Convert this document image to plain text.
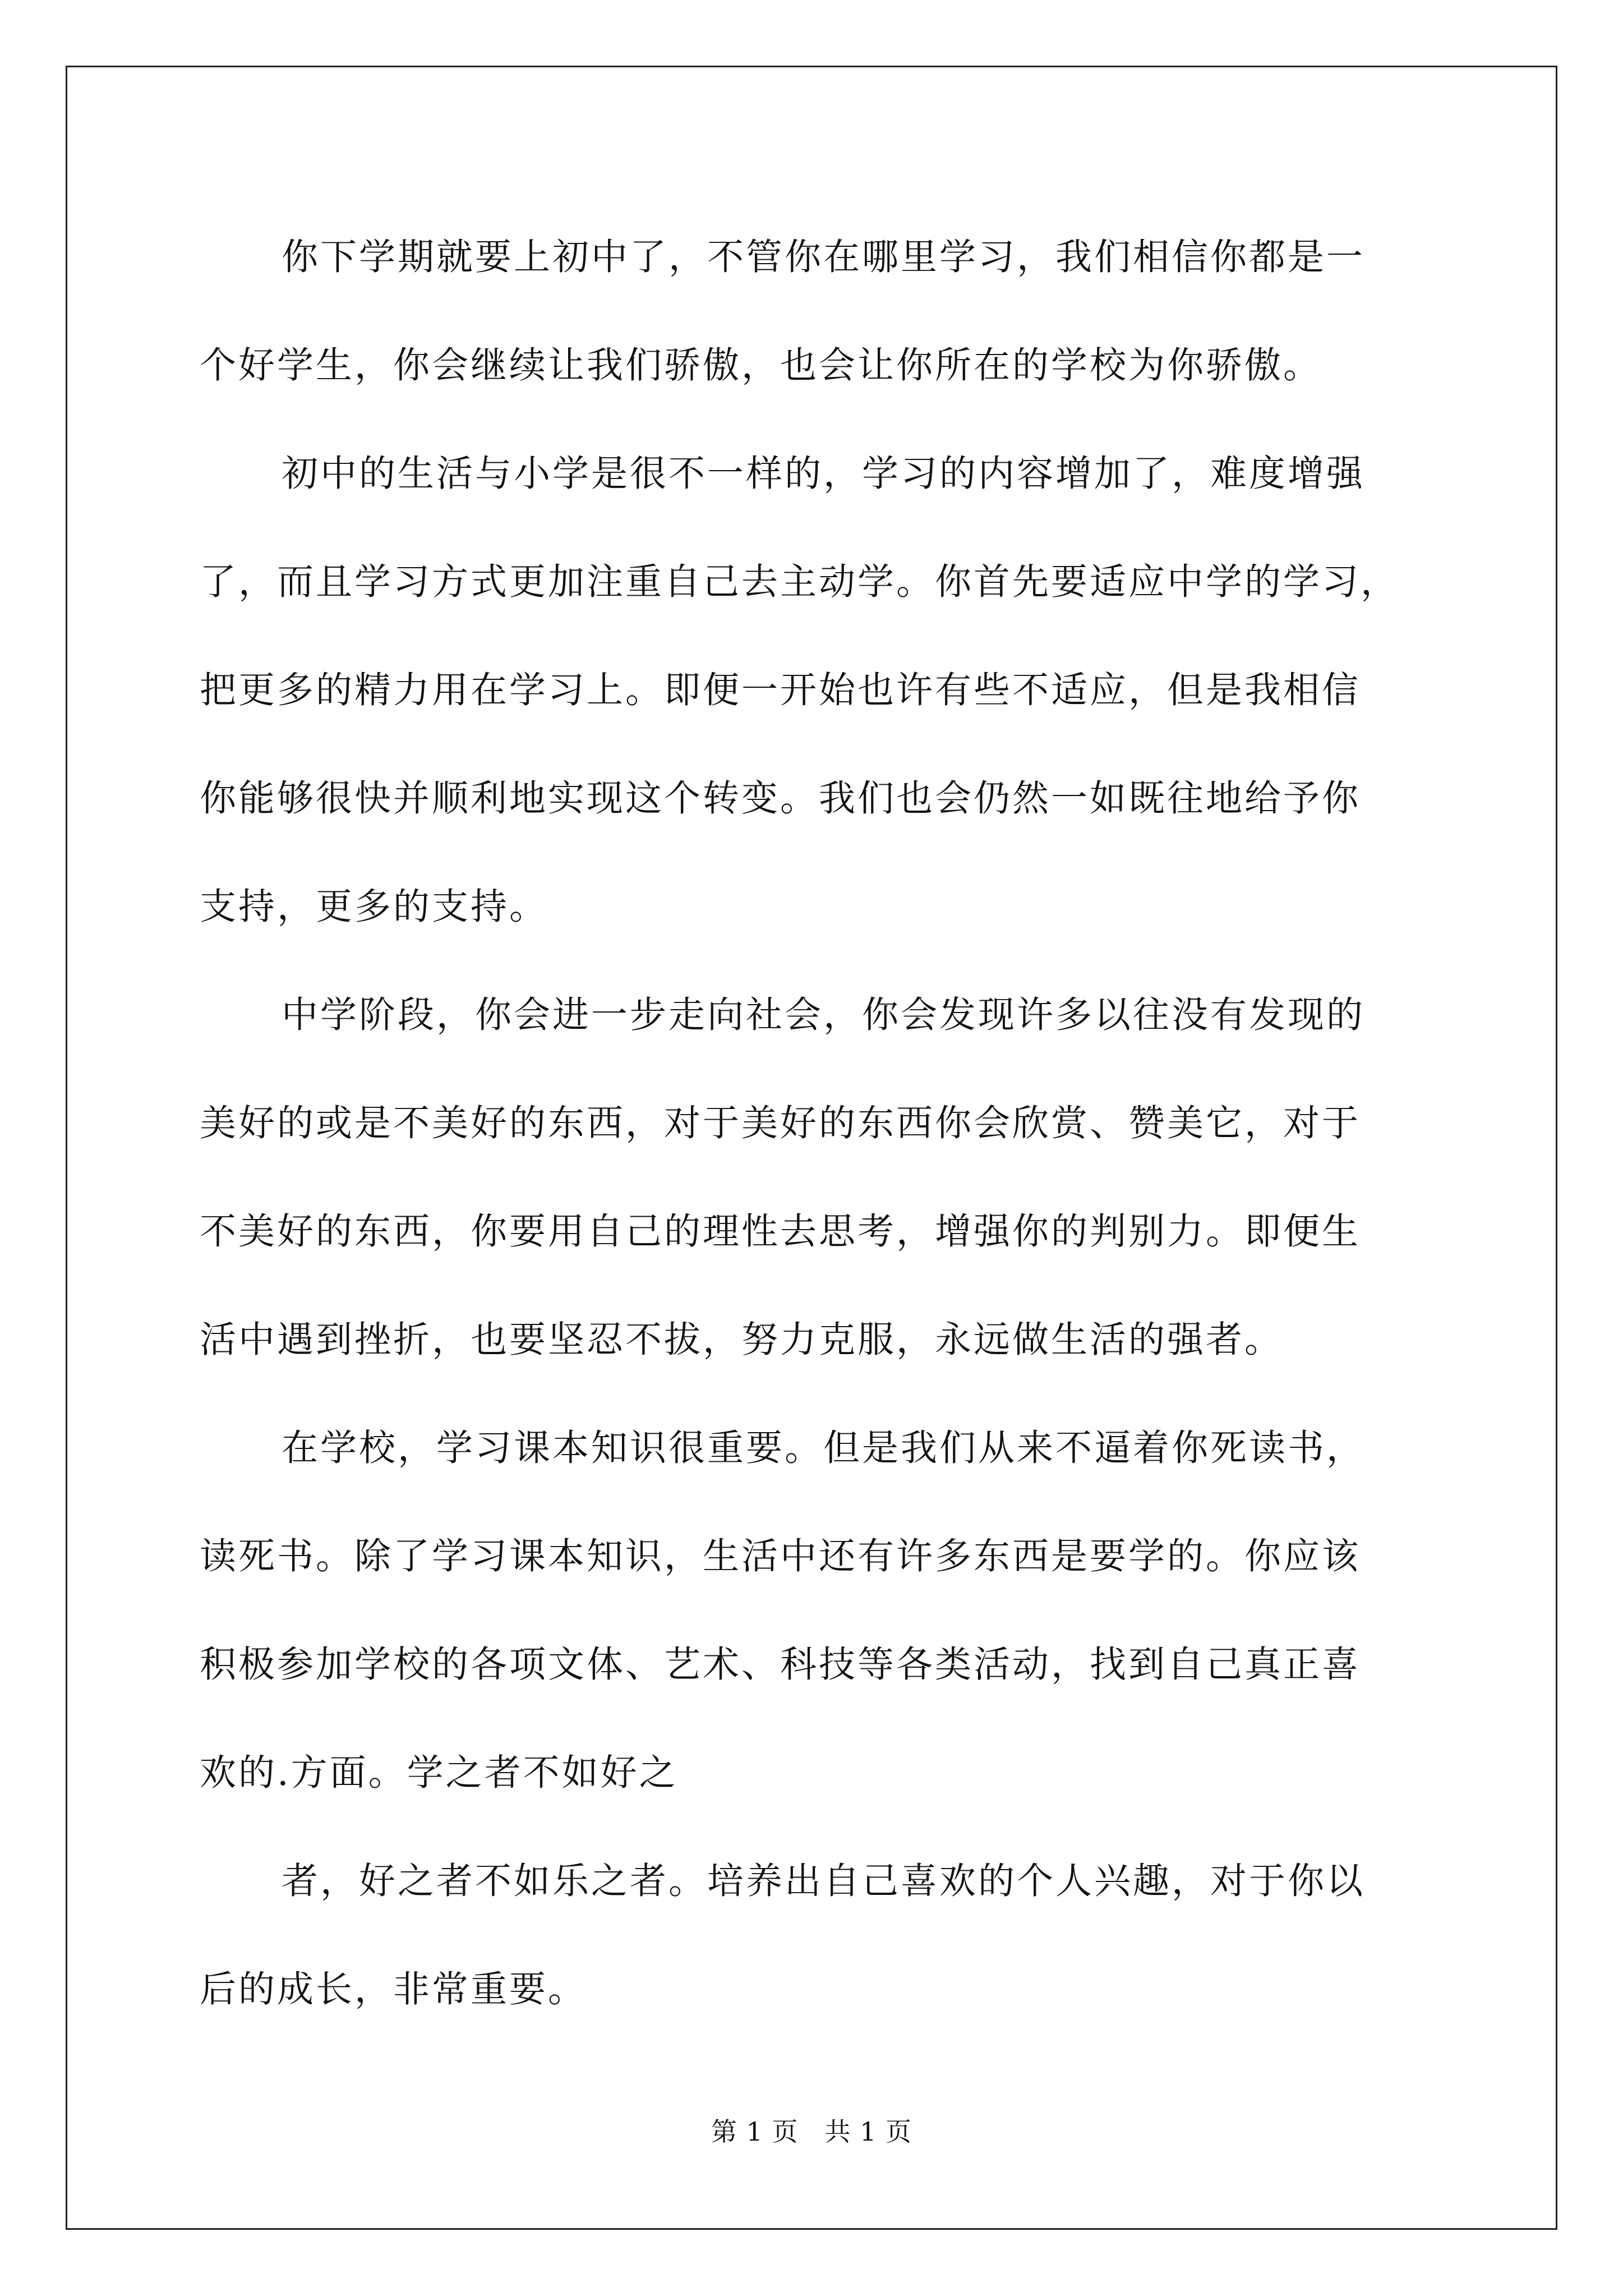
你下学期就要上初中了，不管你在哪里学习，我们相信你都是一
个好学生，你会继续让我们骄傲，也会让你所在的学校为你骄傲。
初中的生活与小学是很不一样的，学习的内容增加了，难度增强
了，而且学习方式更加注重自己去主动学。你首先要适应中学的学习，
把更多的精力用在学习上。即便一开始也许有些不适应，但是我相信
你能够很快并顺利地实现这个转变。我们也会仍然一如既往地给予你
支持，更多的支持。
中学阶段，你会进一步走向社会，你会发现许多以往没有发现的
美好的或是不美好的东西，对于美好的东西你会欣赏、赞美它，对于
不美好的东西，你要用自己的理性去思考，增强你的判别力。即便生
活中遇到挫折，也要坚忍不拔，努力克服，永远做生活的强者。
在学校，学习课本知识很重要。但是我们从来不逼着你死读书，
读死书。除了学习课本知识，生活中还有许多东西是要学的。你应该
积极参加学校的各项文体、艺术、科技等各类活动，找到自己真正喜
欢的.方面。学之者不如好之
者，好之者不如乐之者。培养出自己喜欢的个人兴趣，对于你以
后的成长，非常重要。
第 1 页　共 1 页
